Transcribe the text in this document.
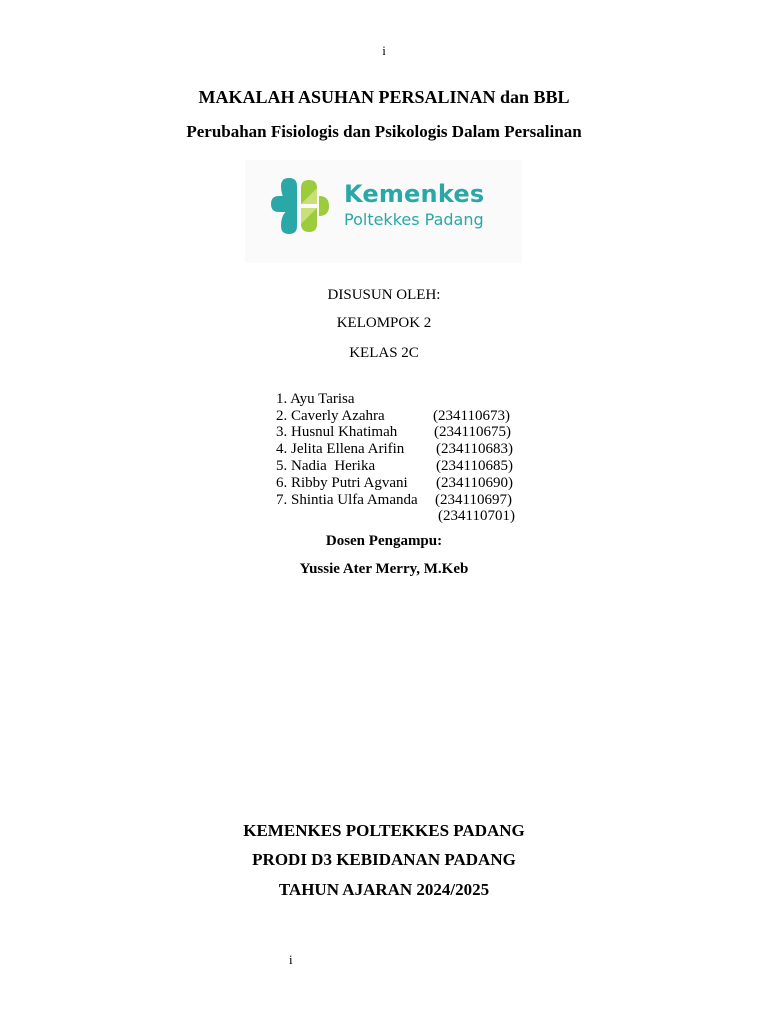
i
MAKALAH ASUHAN PERSALINAN dan BBL
Perubahan Fisiologis dan Psikologis Dalam Persalinan
Kemenkes
Poltekkes Padang
DISUSUN OLEH:
KELOMPOK 2
KELAS 2C

1. Ayu Tarisa

(234110673)

2. Caverly Azahra

(234110675)

3. Husnul Khatimah

(234110683)

4. Jelita Ellena Arifin

(234110685)

5. Nadia  Herika

(234110690)

6. Ribby Putri Agvani

(234110697)

7. Shintia Ulfa Amanda

(234110701)

Dosen Pengampu:
Yussie Ater Merry, M.Keb
KEMENKES POLTEKKES PADANG
PRODI D3 KEBIDANAN PADANG
TAHUN AJARAN 2024/2025
i
